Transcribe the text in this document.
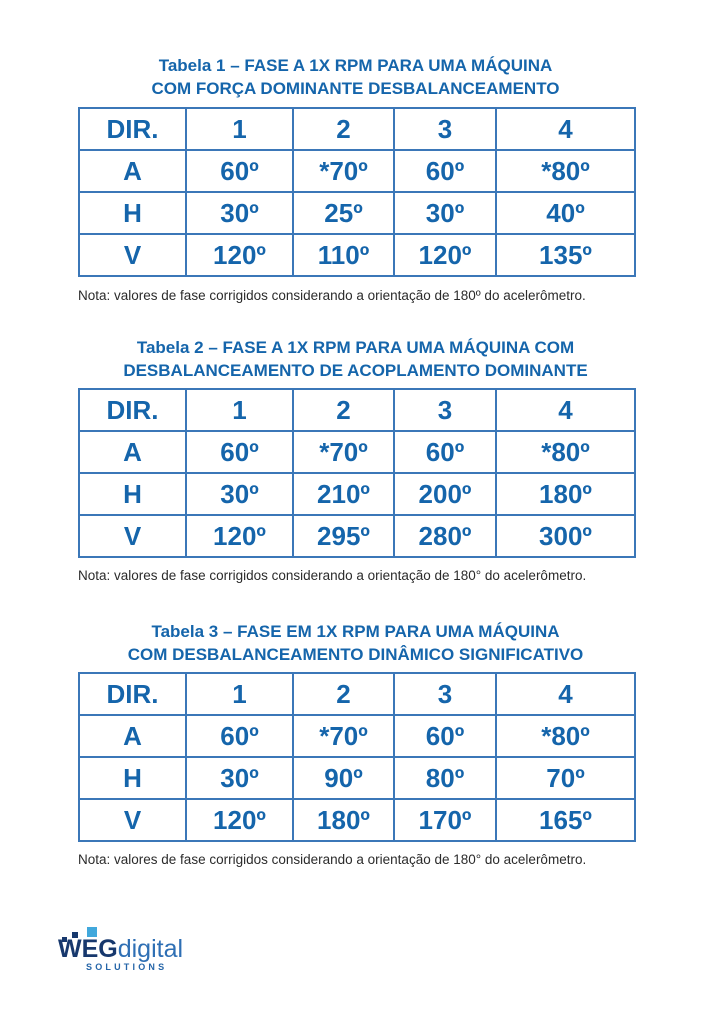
Tabela 1 – FASE A 1X RPM PARA UMA MÁQUINA
COM FORÇA DOMINANTE DESBALANCEAMENTO
DIR.	1	2	3	4
A	60º	*70º	60º	*80º
H	30º	25º	30º	40º
V	120º	110º	120º	135º
Nota: valores de fase corrigidos considerando a orientação de 180º do acelerômetro.
Tabela 2 – FASE A 1X RPM PARA UMA MÁQUINA COM
DESBALANCEAMENTO DE ACOPLAMENTO DOMINANTE
DIR.	1	2	3	4
A	60º	*70º	60º	*80º
H	30º	210º	200º	180º
V	120º	295º	280º	300º
Nota: valores de fase corrigidos considerando a orientação de 180° do acelerômetro.
Tabela 3 – FASE EM 1X RPM PARA UMA MÁQUINA
COM DESBALANCEAMENTO DINÂMICO SIGNIFICATIVO
DIR.	1	2	3	4
A	60º	*70º	60º	*80º
H	30º	90º	80º	70º
V	120º	180º	170º	165º
Nota: valores de fase corrigidos considerando a orientação de 180° do acelerômetro.
WEGdigital
SOLUTIONS
